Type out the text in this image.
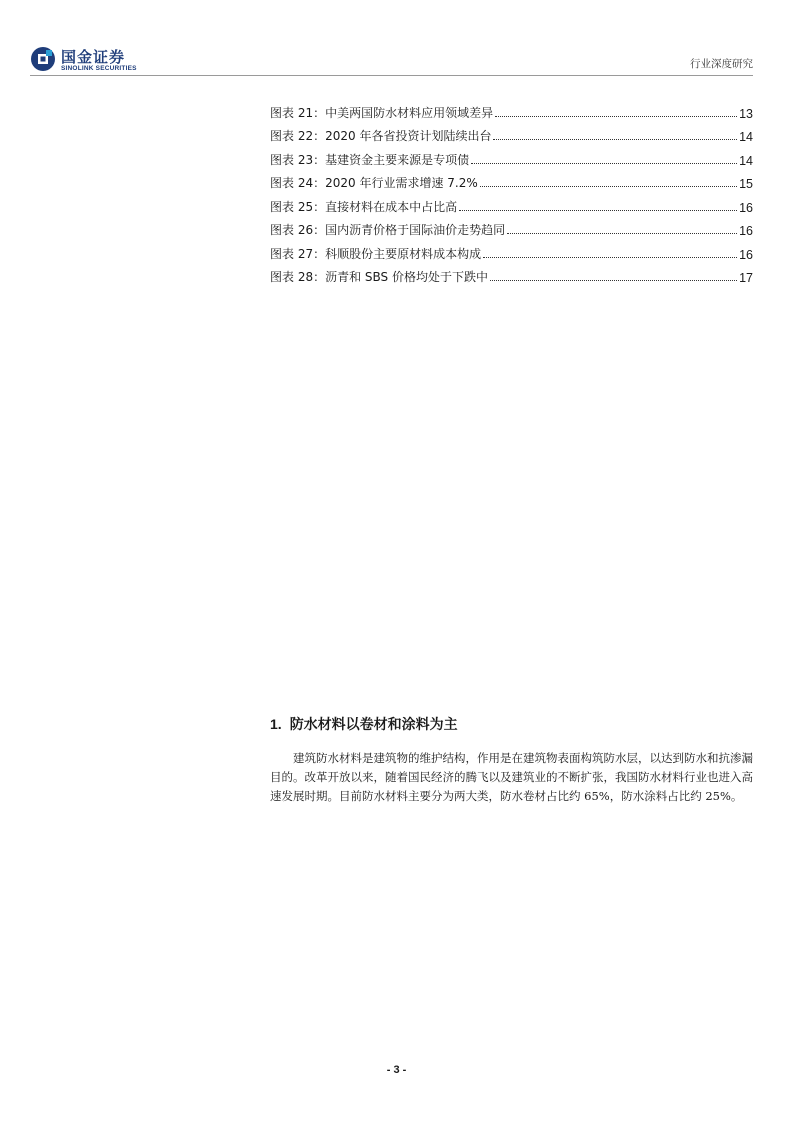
国金证券
SINOLINK SECURITIES	行业深度研究
图表 21：中美两国防水材料应用领域差异	13
图表 22：2020 年各省投资计划陆续出台	14
图表 23：基建资金主要来源是专项债	14
图表 24：2020 年行业需求增速 7.2%	15
图表 25：直接材料在成本中占比高	16
图表 26：国内沥青价格于国际油价走势趋同	16
图表 27：科顺股份主要原材料成本构成	16
图表 28：沥青和 SBS 价格均处于下跌中	17
1. 防水材料以卷材和涂料为主

建筑防水材料是建筑物的维护结构，作用是在建筑物表面构筑防水层，以达到防水和抗渗漏目的。改革开放以来，随着国民经济的腾飞以及建筑业的不断扩张，我国防水材料行业也进入高速发展时期。目前防水材料主要分为两大类，防水卷材占比约 65%，防水涂料占比约 25%。

- 3 -
